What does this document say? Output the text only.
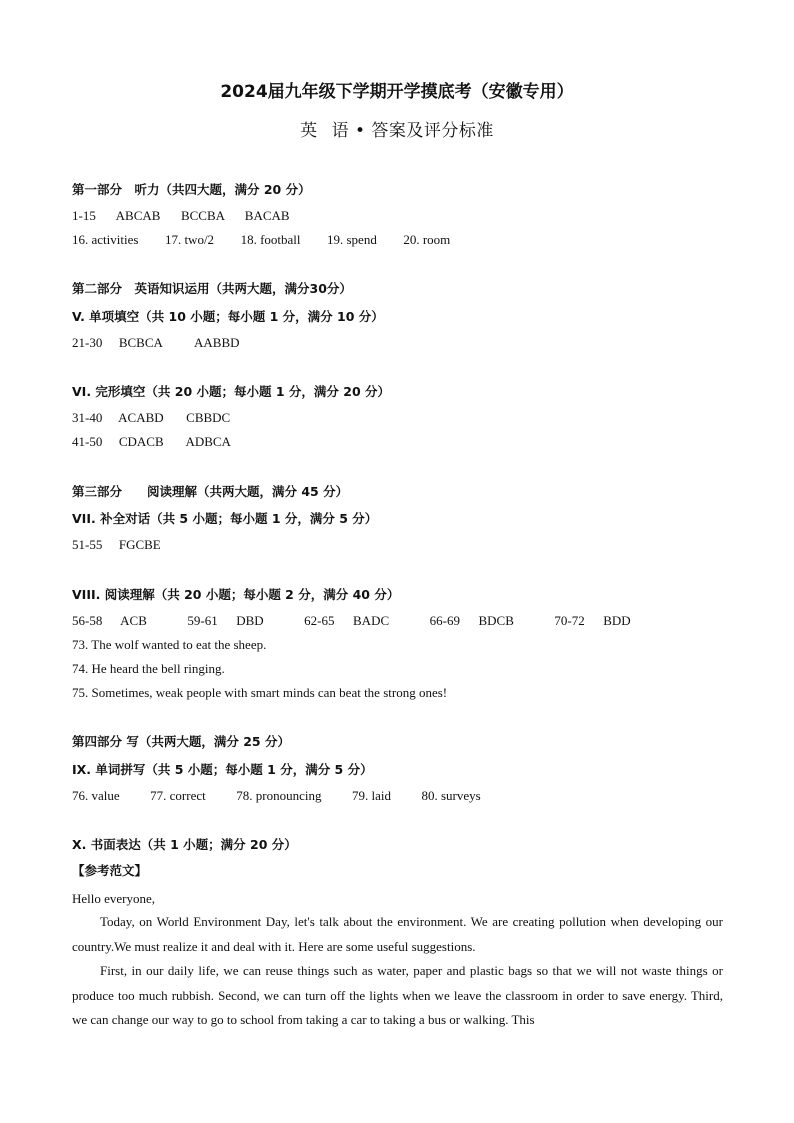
2024届九年级下学期开学摸底考（安徽专用）
英 语 • 答案及评分标准
第一部分　听力（共四大题，满分 20 分）
1-15 ABCAB BCCBA BACAB
16. activities 17. two/2 18. football 19. spend 20. room
第二部分　英语知识运用（共两大题，满分30分）
V. 单项填空（共 10 小题；每小题 1 分，满分 10 分）
21-30 BCBCA AABBD
VI. 完形填空（共 20 小题；每小题 1 分，满分 20 分）
31-40 ACABD CBBDC
41-50 CDACB ADBCA
第三部分　　阅读理解（共两大题，满分 45 分）
VII. 补全对话（共 5 小题；每小题 1 分，满分 5 分）
51-55 FGCBE
VIII. 阅读理解（共 20 小题；每小题 2 分，满分 40 分）
56-58 ACB	59-61 DBD	62-65 BADC	66-69 BDCB	70-72 BDD
73. The wolf wanted to eat the sheep.
74. He heard the bell ringing.
75. Sometimes, weak people with smart minds can beat the strong ones!
第四部分 写（共两大题，满分 25 分）
IX. 单词拼写（共 5 小题；每小题 1 分，满分 5 分）
76. value 77. correct 78. pronouncing 79. laid 80. surveys
X. 书面表达（共 1 小题；满分 20 分）
【参考范文】
Hello everyone,
Today, on World Environment Day, let's talk about the environment. We are creating pollution when developing our country.We must realize it and deal with it. Here are some useful suggestions.
First, in our daily life, we can reuse things such as water, paper and plastic bags so that we will not waste things or produce too much rubbish. Second, we can turn off the lights when we leave the classroom in order to save energy. Third, we can change our way to go to school from taking a car to taking a bus or walking. This
